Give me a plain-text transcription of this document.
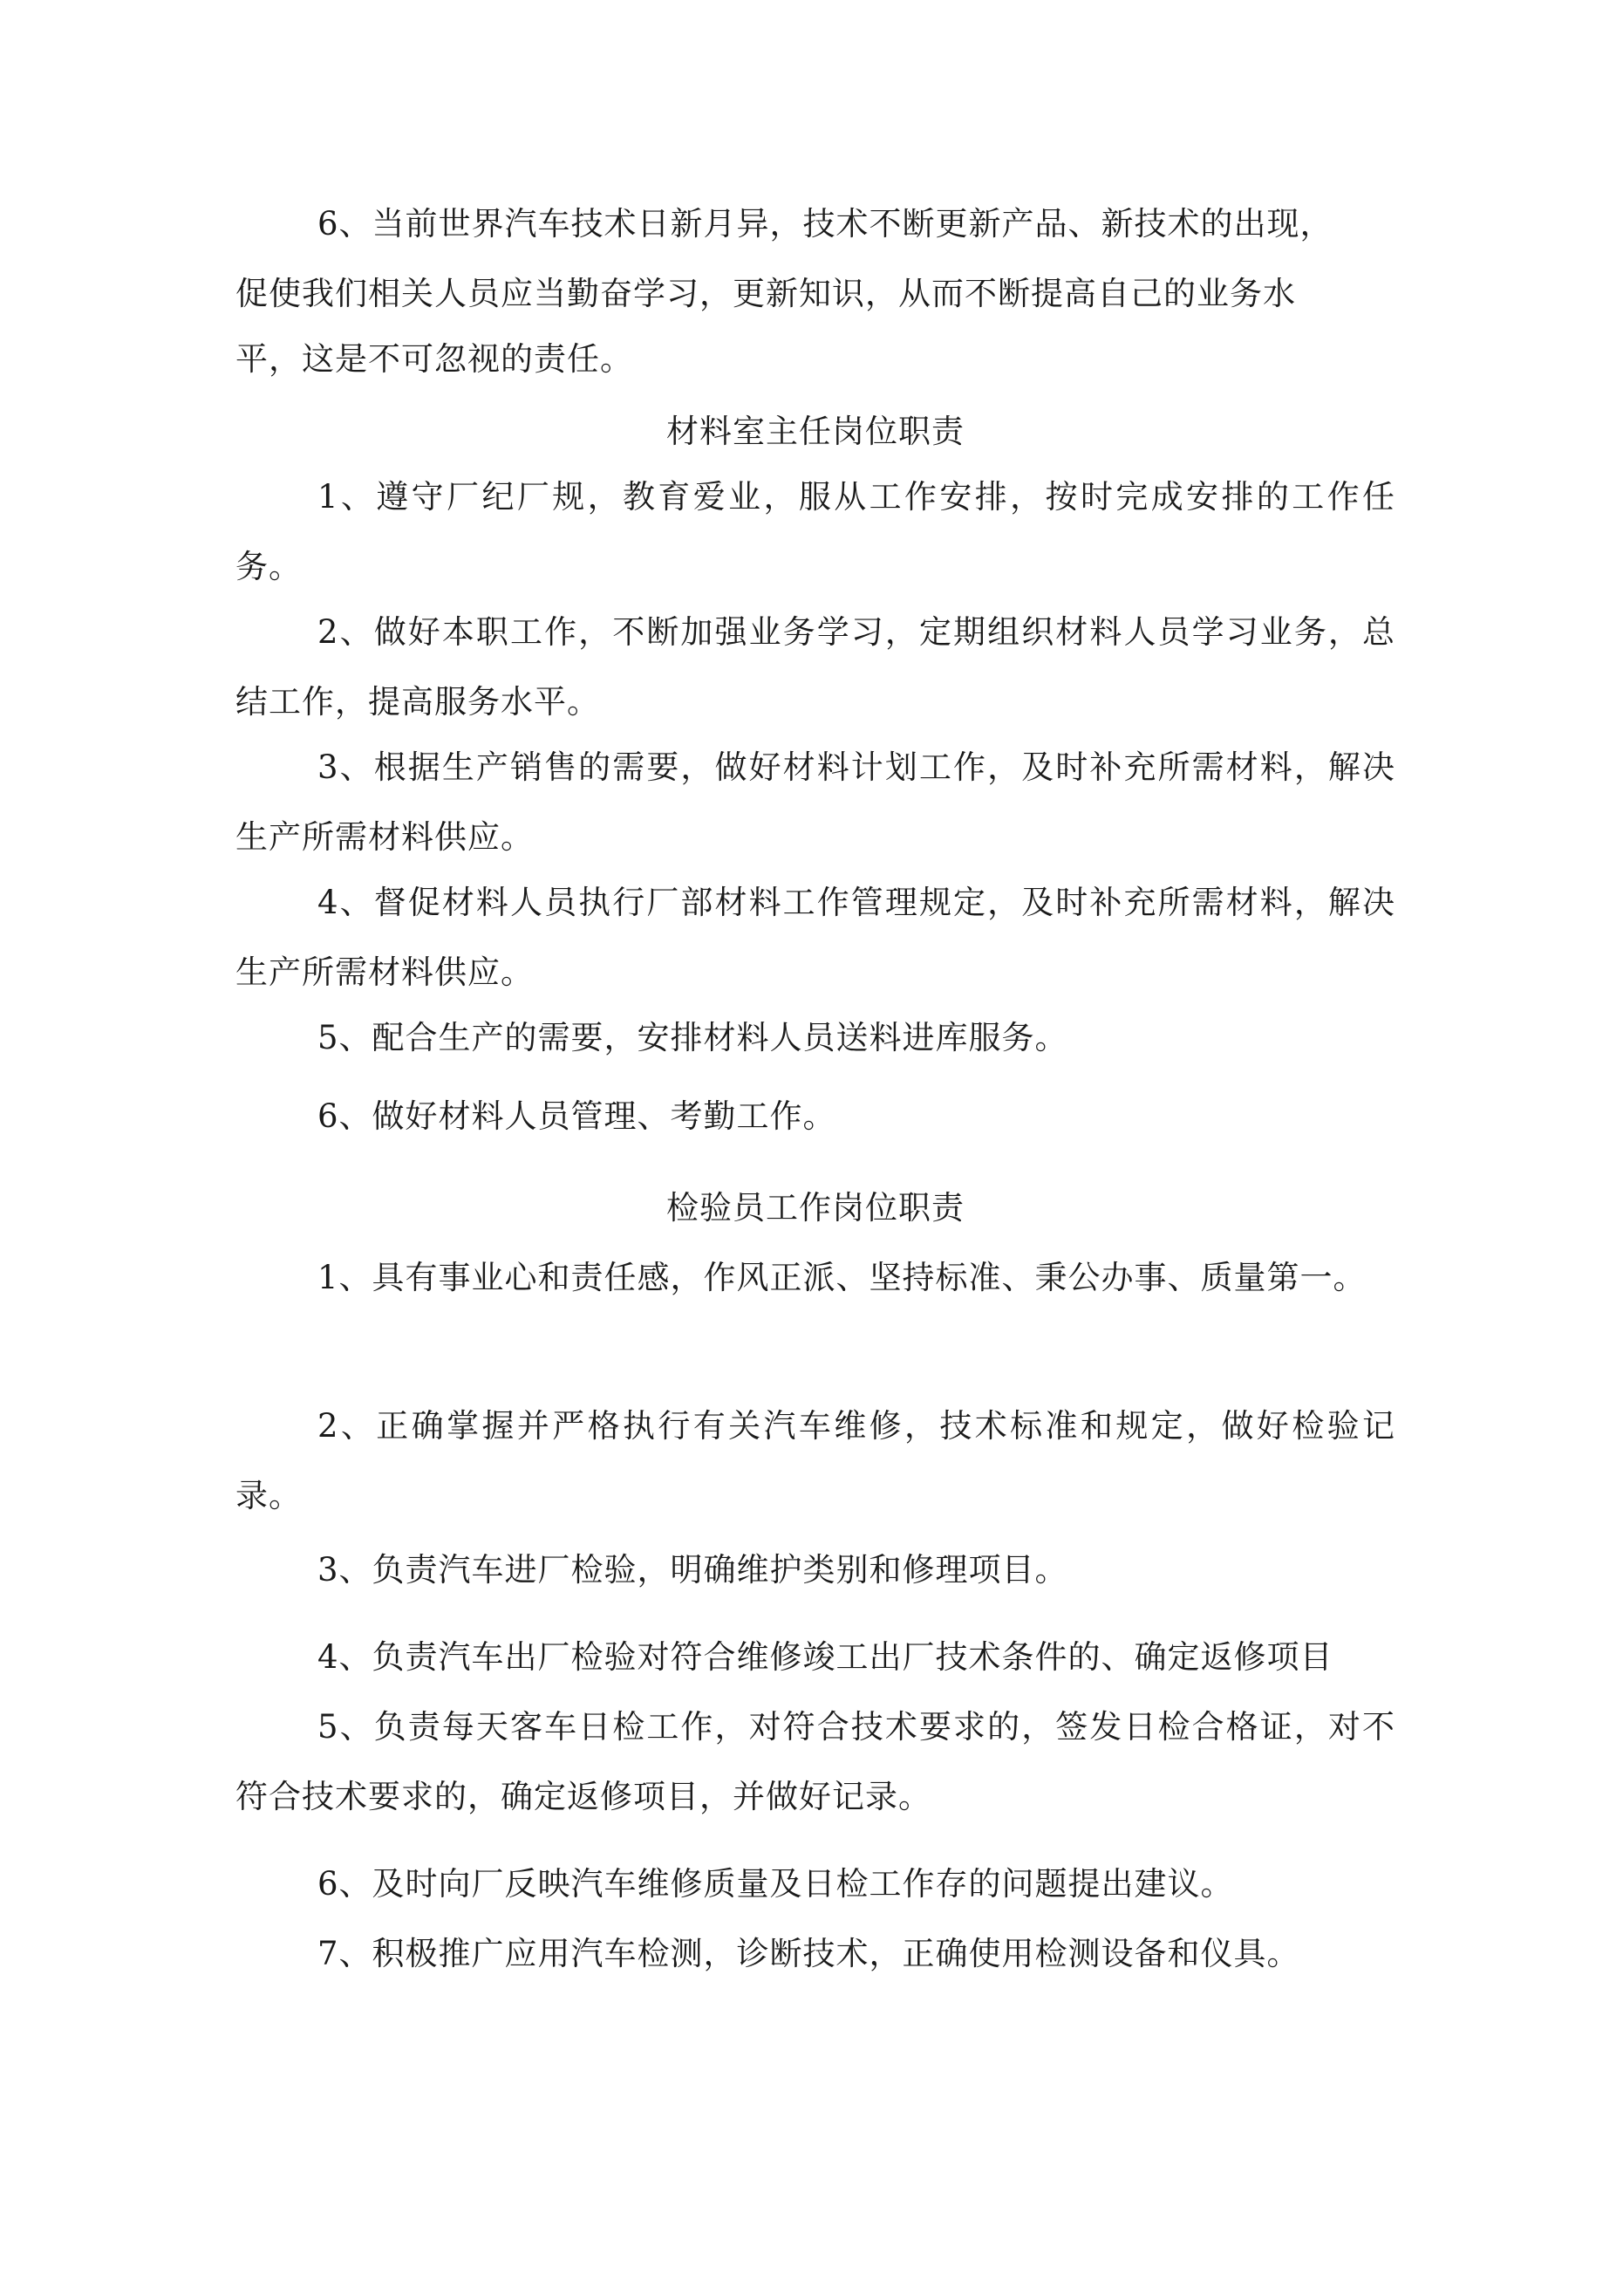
6、当前世界汽车技术日新月异，技术不断更新产品、新技术的出现，

促使我们相关人员应当勤奋学习，更新知识，从而不断提高自己的业务水

平，这是不可忽视的责任。

材料室主任岗位职责

1、遵守厂纪厂规，教育爱业，服从工作安排，按时完成安排的工作任务。

2、做好本职工作，不断加强业务学习，定期组织材料人员学习业务，总结工作，提高服务水平。

3、根据生产销售的需要，做好材料计划工作，及时补充所需材料，解决生产所需材料供应。

4、督促材料人员执行厂部材料工作管理规定，及时补充所需材料，解决生产所需材料供应。

5、配合生产的需要，安排材料人员送料进库服务。

6、做好材料人员管理、考勤工作。

检验员工作岗位职责

1、具有事业心和责任感，作风正派、坚持标准、秉公办事、质量第一。

2、正确掌握并严格执行有关汽车维修，技术标准和规定，做好检验记录。

3、负责汽车进厂检验，明确维护类别和修理项目。

4、负责汽车出厂检验对符合维修竣工出厂技术条件的、确定返修项目

5、负责每天客车日检工作，对符合技术要求的，签发日检合格证，对不符合技术要求的，确定返修项目，并做好记录。

6、及时向厂反映汽车维修质量及日检工作存的问题提出建议。

7、积极推广应用汽车检测，诊断技术，正确使用检测设备和仪具。
